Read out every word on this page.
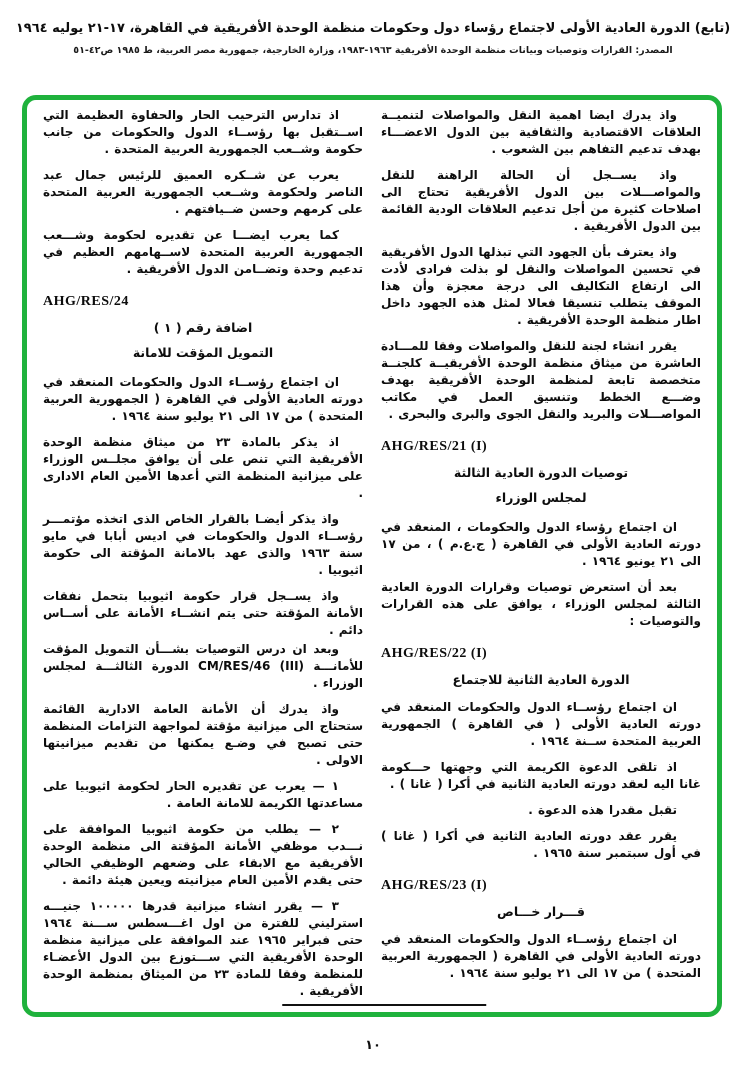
(تابع) الدورة العادية الأولى لاجتماع رؤساء دول وحكومات منظمة الوحدة الأفريقية في القاهرة، ١٧-٢١ يوليه ١٩٦٤
المصدر: القرارات وتوصيات وبيانات منظمة الوحدة الأفريقية ١٩٦٣-١٩٨٣، وزارة الخارجية، جمهورية مصر العربية، ط ١٩٨٥ ص٤٢-٥١
واذ يدرك ايضا اهمية النقل والمواصلات لتنميــة العلاقات الاقتصادية والثقافية بين الدول الاعضـــاء بهدف تدعيم التفاهم بين الشعوب .
واذ يســجل أن الحالة الراهنة للنقل والمواصـــلات بين الدول الأفريقية تحتاج الى اصلاحات كثيرة من أجل تدعيم العلاقات الودية القائمة بين الدول الأفريقية .
واذ يعترف بأن الجهود التي تبذلها الدول الأفريقية في تحسين المواصلات والنقل لو بذلت فرادى لأدت الى ارتفاع التكاليف الى درجة معجزة وأن هذا الموقف يتطلب تنسيقا فعالا لمثل هذه الجهود داخل اطار منظمة الوحدة الأفريقية .
يقرر انشاء لجنة للنقل والمواصلات وفقا للمـــادة العاشرة من ميثاق منظمة الوحدة الأفريقيــة كلجنــة متخصصة تابعة لمنظمة الوحدة الأفريقية بهدف وضـــع الخطط وتنسيق العمل في مكاتب المواصـــلات والبريد والنقل الجوى والبرى والبحرى .
AHG/RES/21 (I)
توصيات الدورة العادية الثالثة
لمجلس الوزراء
ان اجتماع رؤساء الدول والحكومات ، المنعقد في دورته العادية الأولى في القاهرة ( ج.ع.م ) ، من ١٧ الى ٢١ يونيو ١٩٦٤ .
بعد أن استعرض توصيات وقرارات الدورة العادية الثالثة لمجلس الوزراء ، يوافق على هذه القرارات والتوصيات :
AHG/RES/22 (I)
الدورة العادية الثانية للاجتماع
ان اجتماع رؤســاء الدول والحكومات المنعقد في دورته العادية الأولى ( في القاهرة ) الجمهورية العربية المتحدة ســنة ١٩٦٤ .
اذ تلقى الدعوة الكريمة التي وجهتها حـــكومة غانا اليه لعقد دورته العادية الثانية في أكرا ( غانا ) .
تقبل مقدرا هذه الدعوة .
يقرر عقد دورته العادية الثانية في أكرا ( غانا ) في أول سبتمبر سنة ١٩٦٥ .
AHG/RES/23 (I)
قـــرار خـــاص
ان اجتماع رؤســاء الدول والحكومات المنعقد في دورته العادية الأولى في القاهرة ( الجمهورية العربية المتحدة ) من ١٧ الى ٢١ يوليو سنة ١٩٦٤ .
اذ تدارس الترحيب الحار والحفاوة العظيمة التي اســتقبل بها رؤســاء الدول والحكومات من جانب حكومة وشــعب الجمهورية العربية المتحدة .
يعرب عن شــكره العميق للرئيس جمال عبد الناصر ولحكومة وشــعب الجمهورية العربية المتحدة على كرمهم وحسن ضــيافتهم .
كما يعرب ايضـــا عن تقديره لحكومة وشـــعب الجمهورية العربية المتحدة لاســهامهم العظيم في تدعيم وحدة وتضــامن الدول الأفريقية .
AHG/RES/24
اضافة رقم ( ١ )
التمويل المؤقت للامانة
ان اجتماع رؤســاء الدول والحكومات المنعقد في دورته العادية الأولى في القاهرة ( الجمهورية العربية المتحدة ) من ١٧ الى ٢١ يوليو سنة ١٩٦٤ .
اذ يذكر بالمادة ٢٣ من ميثاق منظمة الوحدة الأفريقية التي تنص على أن يوافق مجلــس الوزراء على ميزانية المنظمة التي أعدها الأمين العام الادارى .
واذ يذكر أيضـا بالقرار الخاص الذى اتخذه مؤتمـــر رؤســاء الدول والحكومات في اديس أبابا في مايو سنة ١٩٦٣ والذى عهد بالامانة المؤقتة الى حكومة اثيوبيا .
واذ يســجل قرار حكومة اثيوبيا بتحمل نفقات الأمانة المؤقتة حتى يتم انشــاء الأمانة على أســاس دائم .
وبعد ان درس التوصيات بشـــأن التمويل المؤقت للأمانـــة CM/RES/46 (III) الدورة الثالثـــة لمجلس الوزراء .
واذ يدرك أن الأمانة العامة الادارية القائمة ستحتاج الى ميزانية مؤقتة لمواجهة التزامات المنظمة حتى تصبح في وضـع يمكنها من تقديم ميزانيتها الاولى .
١ — يعرب عن تقديره الحار لحكومة اثيوبيا على مساعدتها الكريمة للامانة العامة .
٢ — يطلب من حكومة اثيوبيا الموافقة على نـــدب موظفي الأمانة المؤقتة الى منظمة الوحدة الأفريقية مع الابقاء على وضعهم الوظيفي الحالي حتى يقدم الأمين العام ميزانيته ويعين هيئة دائمة .
٣ — يقرر انشاء ميزانية قدرها ١٠٠٠٠٠ جنيـــه استرليني للفترة من اول اغـــسطس ســـنة ١٩٦٤ حتى فبراير ١٩٦٥ عند الموافقة على ميزانية منظمة الوحدة الأفريقية التي ســـتوزع بين الدول الأعضـاء للمنظمة وفقا للمادة ٢٣ من الميثاق بمنظمة الوحدة الأفريقية .
١٠
